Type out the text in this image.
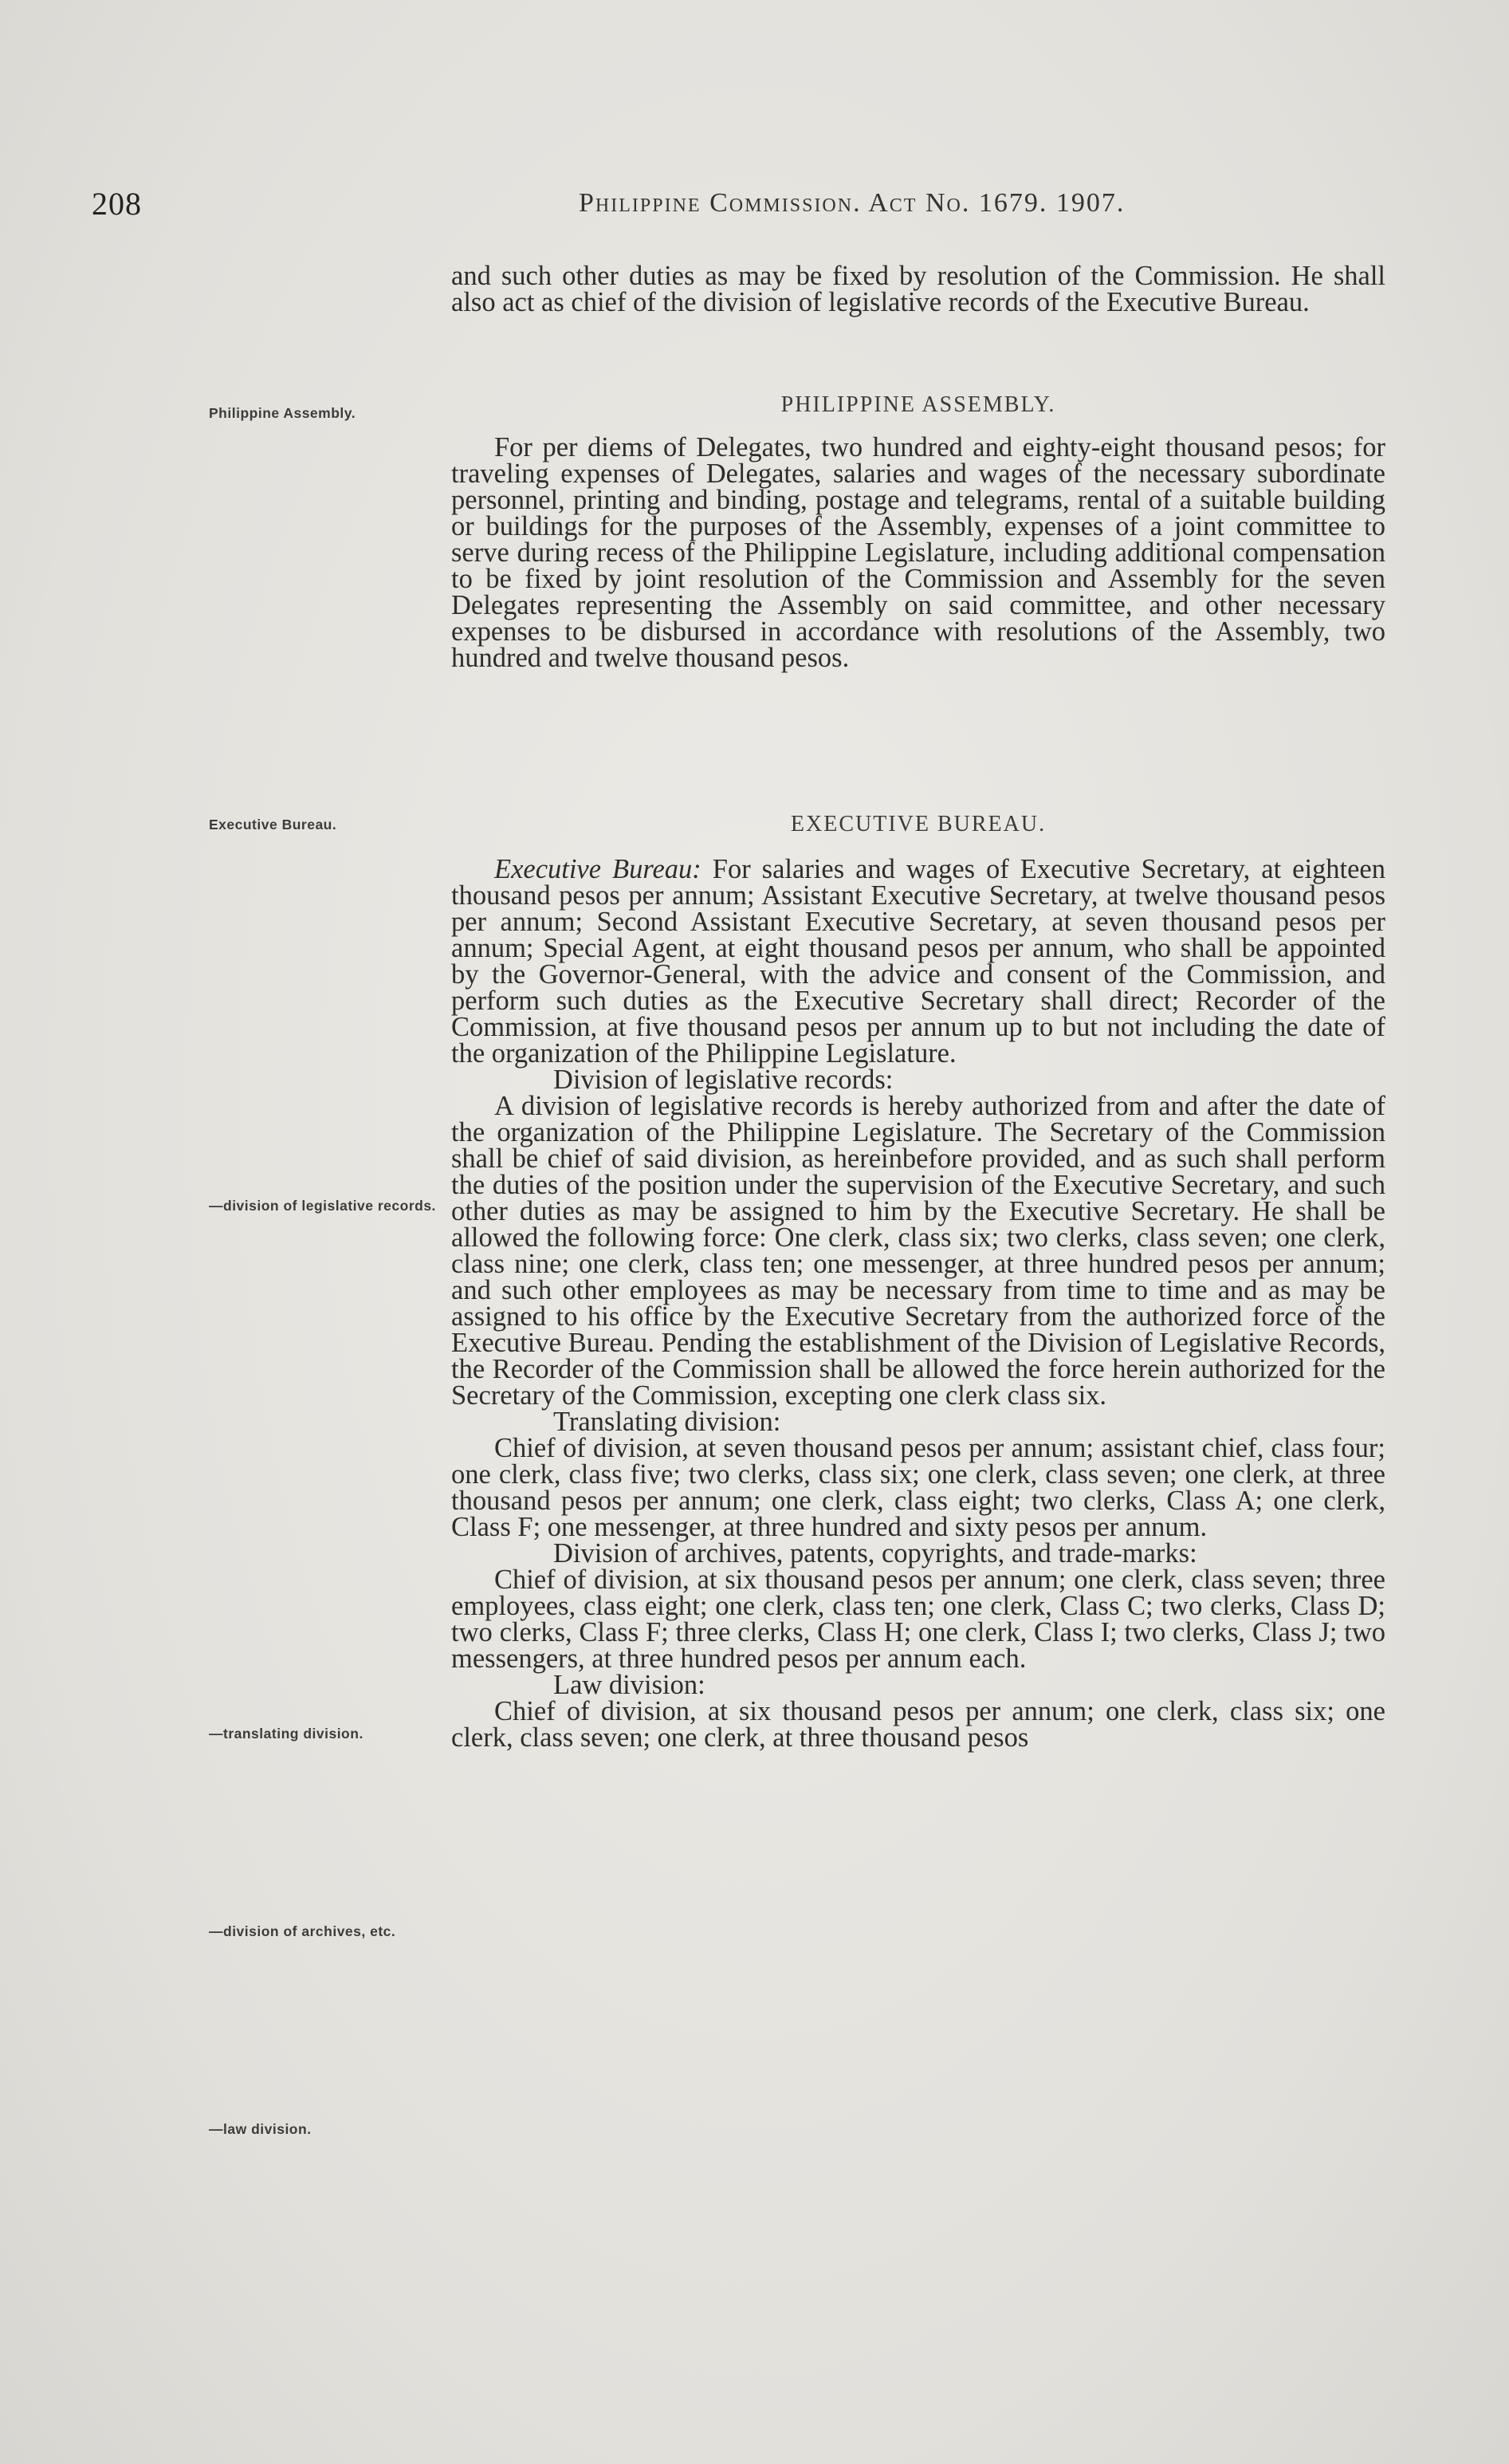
208	Philippine Commission. Act No. 1679. 1907.
Philippine Assembly.
Executive Bureau.
—division of legislative records.
—translating division.
—division of archives, etc.
—law division.

and such other duties as may be fixed by resolution of the Commission. He shall also act as chief of the division of legislative records of the Executive Bureau.

PHILIPPINE ASSEMBLY.

For per diems of Delegates, two hundred and eighty-eight thousand pesos; for traveling expenses of Delegates, salaries and wages of the necessary subordinate personnel, printing and binding, postage and telegrams, rental of a suitable building or buildings for the purposes of the Assembly, expenses of a joint committee to serve during recess of the Philippine Legislature, including additional compensation to be fixed by joint resolution of the Commission and Assembly for the seven Delegates representing the Assembly on said committee, and other necessary expenses to be disbursed in accordance with resolutions of the Assembly, two hundred and twelve thousand pesos.

EXECUTIVE BUREAU.

Executive Bureau: For salaries and wages of Executive Secretary, at eighteen thousand pesos per annum; Assistant Executive Secretary, at twelve thousand pesos per annum; Second Assistant Executive Secretary, at seven thousand pesos per annum; Special Agent, at eight thousand pesos per annum, who shall be appointed by the Governor-General, with the advice and consent of the Commission, and perform such duties as the Executive Secretary shall direct; Recorder of the Commission, at five thousand pesos per annum up to but not including the date of the organization of the Philippine Legislature.

Division of legislative records:

A division of legislative records is hereby authorized from and after the date of the organization of the Philippine Legislature. The Secretary of the Commission shall be chief of said division, as hereinbefore provided, and as such shall perform the duties of the position under the supervision of the Executive Secretary, and such other duties as may be assigned to him by the Executive Secretary. He shall be allowed the following force: One clerk, class six; two clerks, class seven; one clerk, class nine; one clerk, class ten; one messenger, at three hundred pesos per annum; and such other employees as may be necessary from time to time and as may be assigned to his office by the Executive Secretary from the authorized force of the Executive Bureau. Pending the establishment of the Division of Legislative Records, the Recorder of the Commission shall be allowed the force herein authorized for the Secretary of the Commission, excepting one clerk class six.

Translating division:

Chief of division, at seven thousand pesos per annum; assistant chief, class four; one clerk, class five; two clerks, class six; one clerk, class seven; one clerk, at three thousand pesos per annum; one clerk, class eight; two clerks, Class A; one clerk, Class F; one messenger, at three hundred and sixty pesos per annum.

Division of archives, patents, copyrights, and trade-marks:

Chief of division, at six thousand pesos per annum; one clerk, class seven; three employees, class eight; one clerk, class ten; one clerk, Class C; two clerks, Class D; two clerks, Class F; three clerks, Class H; one clerk, Class I; two clerks, Class J; two messengers, at three hundred pesos per annum each.

Law division:

Chief of division, at six thousand pesos per annum; one clerk, class six; one clerk, class seven; one clerk, at three thousand pesos
